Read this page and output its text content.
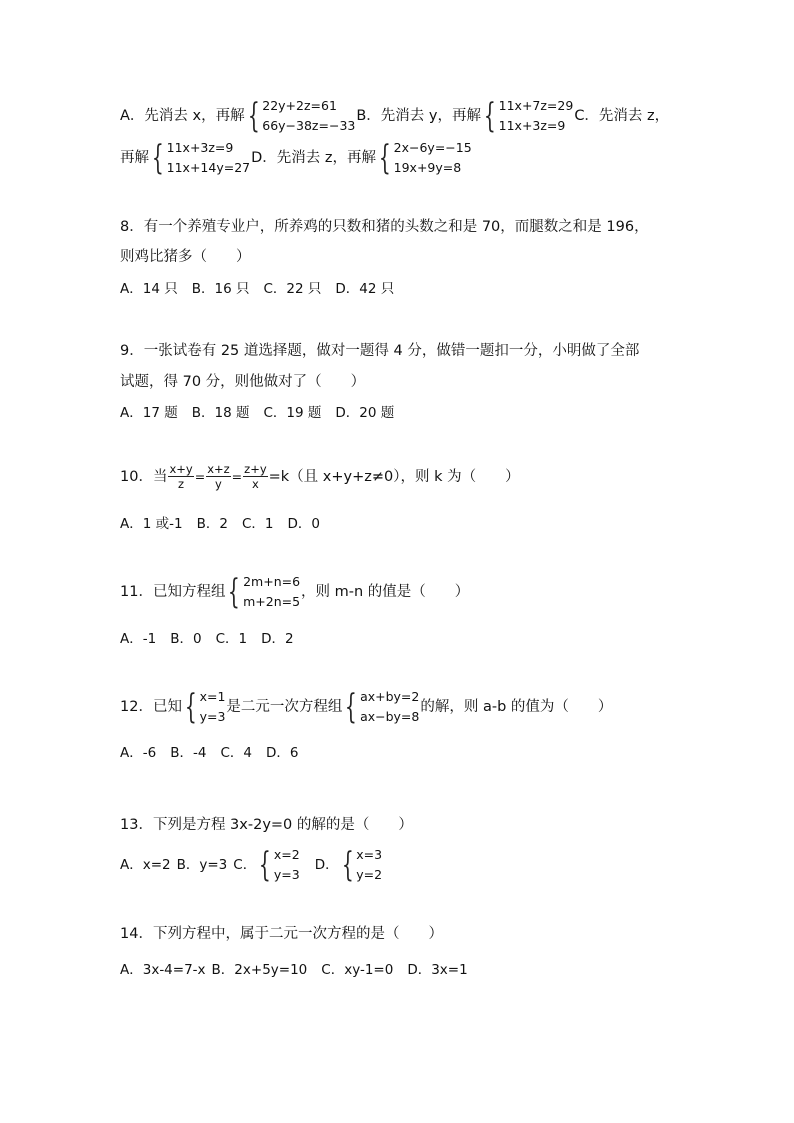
A．先消去 x，再解 { 22y+2z=61
66y−38z=−33
B．先消去 y，再解 { 11x+7z=29
11x+3z=9
C．先消去 z，
再解 { 11x+3z=9
11x+14y=27
D．先消去 z，再解 { 2x−6y=−15
19x+9y=8
8．有一个养殖专业户，所养鸡的只数和猪的头数之和是 70，而腿数之和是 196，
则鸡比猪多（　　）
A．14 只 B．16 只 C．22 只 D．42 只
9．一张试卷有 25 道选择题，做对一题得 4 分，做错一题扣一分，小明做了全部
试题，得 70 分，则他做对了（　　）
A．17 题 B．18 题 C．19 题 D．20 题
10．当 $\frac{x+y}{z} = \frac{x+z}{y} = \frac{z+y}{x} =k$（且 x+y+z≠0），则 k 为（　　）
A．1 或-1 B．2 C．1 D．0
11．已知方程组 { 2m+n=6
m+2n=5
，则 m-n 的值是（　　）
A．-1 B．0 C．1 D．2
12．已知 { x=1
y=3
是二元一次方程组 { ax+by=2
ax−by=8
的解，则 a-b 的值为（　　）
A．-6 B．-4 C．4 D．6
13．下列是方程 3x-2y=0 的解的是（　　）
A．x=2 B．y=3 C． { x=2
y=3
D． { x=3
y=2
14．下列方程中，属于二元一次方程的是（　　）
A．3x-4=7-x B．2x+5y=10 C．xy-1=0 D．3x=1
